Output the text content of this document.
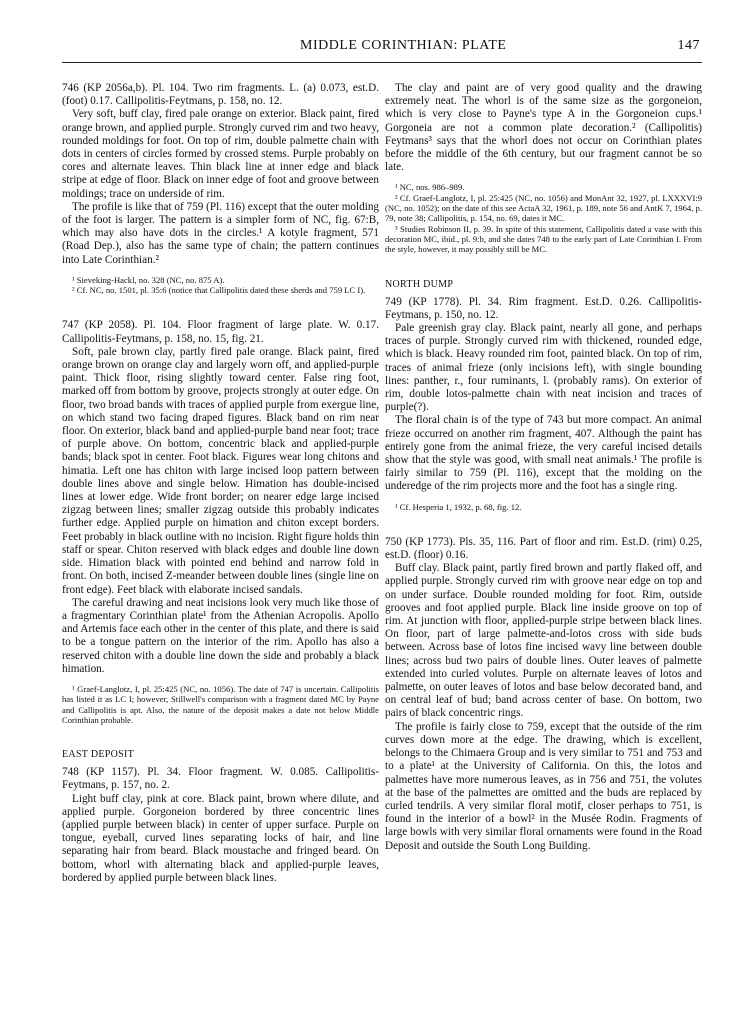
MIDDLE CORINTHIAN: PLATE	147

746 (KP 2056a,b). Pl. 104. Two rim fragments. L. (a) 0.073, est.D. (foot) 0.17. Callipolitis-Feytmans, p. 158, no. 12.

Very soft, buff clay, fired pale orange on exterior. Black paint, fired orange brown, and applied purple. Strongly curved rim and two heavy, rounded moldings for foot. On top of rim, double palmette chain with dots in centers of circles formed by crossed stems. Purple probably on cores and alternate leaves. Thin black line at inner edge and black stripe at edge of floor. Black on inner edge of foot and groove between moldings; trace on underside of rim.

The profile is like that of 759 (Pl. 116) except that the outer molding of the foot is larger. The pattern is a simpler form of NC, fig. 67:B, which may also have dots in the circles.¹ A kotyle fragment, 571 (Road Dep.), also has the same type of chain; the pattern continues into Late Corinthian.²

¹ Sieveking-Hackl, no. 328 (NC, no. 875 A).

² Cf. NC, no. 1501, pl. 35:6 (notice that Callipolitis dated these sherds and 759 LC I).

747 (KP 2058). Pl. 104. Floor fragment of large plate. W. 0.17. Callipolitis-Feytmans, p. 158, no. 15, fig. 21.

Soft, pale brown clay, partly fired pale orange. Black paint, fired orange brown on orange clay and largely worn off, and applied-purple paint. Thick floor, rising slightly toward center. False ring foot, marked off from bottom by groove, projects strongly at outer edge. On floor, two broad bands with traces of applied purple from exergue line, on which stand two facing draped figures. Black band on rim near floor. On exterior, black band and applied-purple band near foot; trace of purple above. On bottom, concentric black and applied-purple bands; black spot in center. Foot black. Figures wear long chitons and himatia. Left one has chiton with large incised loop pattern between double lines above and single below. Himation has double-incised lines at lower edge. Wide front border; on nearer edge large incised zigzag between lines; smaller zigzag outside this probably indicates further edge. Applied purple on himation and chiton except borders. Feet probably in black outline with no incision. Right figure holds thin staff or spear. Chiton reserved with black edges and double line down side. Himation black with pointed end behind and narrow fold in front. On both, incised Z-meander between double lines (single line on front edge). Feet black with elaborate incised sandals.

The careful drawing and neat incisions look very much like those of a fragmentary Corinthian plate¹ from the Athenian Acropolis. Apollo and Artemis face each other in the center of this plate, and there is said to be a tongue pattern on the interior of the rim. Apollo has also a reserved chiton with a double line down the side and probably a black himation.

¹ Graef-Langlotz, I, pl. 25:425 (NC, no. 1056). The date of 747 is uncertain. Callipolitis has listed it as LC I; however, Stillwell's comparison with a fragment dated MC by Payne and Callipolitis is apt. Also, the nature of the deposit makes a date not below Middle Corinthian probable.

EAST DEPOSIT

748 (KP 1157). Pl. 34. Floor fragment. W. 0.085. Callipolitis-Feytmans, p. 157, no. 2.

Light buff clay, pink at core. Black paint, brown where dilute, and applied purple. Gorgoneion bordered by three concentric lines (applied purple between black) in center of upper surface. Purple on tongue, eyeball, curved lines separating locks of hair, and line separating hair from beard. Black moustache and fringed beard. On bottom, whorl with alternating black and applied-purple leaves, bordered by applied purple between black lines.

The clay and paint are of very good quality and the drawing extremely neat. The whorl is of the same size as the gorgoneion, which is very close to Payne's type A in the Gorgoneion cups.¹ Gorgoneia are not a common plate decoration.² (Callipolitis) Feytmans³ says that the whorl does not occur on Corinthian plates before the middle of the 6th century, but our fragment cannot be so late.

¹ NC, nos. 986–989.

² Cf. Graef-Langlotz, I, pl. 25:425 (NC, no. 1056) and MonAnt 32, 1927, pl. LXXXVI:9 (NC, no. 1052); on the date of this see ActaA 32, 1961, p. 189, note 56 and AntK 7, 1964, p. 79, note 38; Callipolitis, p. 154, no. 69, dates it MC.

³ Studies Robinson II, p. 39. In spite of this statement, Callipolitis dated a vase with this decoration MC, ibid., pl. 9:b, and she dates 748 to the early part of Late Corinthian I. From the style, however, it may possibly still be MC.

NORTH DUMP

749 (KP 1778). Pl. 34. Rim fragment. Est.D. 0.26. Callipolitis-Feytmans, p. 150, no. 12.

Pale greenish gray clay. Black paint, nearly all gone, and perhaps traces of purple. Strongly curved rim with thickened, rounded edge, which is black. Heavy rounded rim foot, painted black. On top of rim, traces of animal frieze (only incisions left), with single bounding lines: panther, r., four ruminants, l. (probably rams). On exterior of rim, double lotos-palmette chain with neat incision and traces of purple(?).

The floral chain is of the type of 743 but more compact. An animal frieze occurred on another rim fragment, 407. Although the paint has entirely gone from the animal frieze, the very careful incised details show that the style was good, with small neat animals.¹ The profile is fairly similar to 759 (Pl. 116), except that the molding on the underedge of the rim projects more and the foot has a single ring.

¹ Cf. Hesperia 1, 1932, p. 68, fig. 12.

750 (KP 1773). Pls. 35, 116. Part of floor and rim. Est.D. (rim) 0.25, est.D. (floor) 0.16.

Buff clay. Black paint, partly fired brown and partly flaked off, and applied purple. Strongly curved rim with groove near edge on top and on under surface. Double rounded molding for foot. Rim, outside grooves and foot applied purple. Black line inside groove on top of rim. At junction with floor, applied-purple stripe between black lines. On floor, part of large palmette-and-lotos cross with side buds between. Across base of lotos fine incised wavy line between double lines; across bud two pairs of double lines. Outer leaves of palmette extended into curled volutes. Purple on alternate leaves of lotos and palmette, on outer leaves of lotos and base below decorated band, and on central leaf of bud; band across center of base. On bottom, two pairs of black concentric rings.

The profile is fairly close to 759, except that the outside of the rim curves down more at the edge. The drawing, which is excellent, belongs to the Chimaera Group and is very similar to 751 and 753 and to a plate¹ at the University of California. On this, the lotos and palmettes have more numerous leaves, as in 756 and 751, the volutes at the base of the palmettes are omitted and the buds are replaced by curled tendrils. A very similar floral motif, closer perhaps to 751, is found in the interior of a bowl² in the Musée Rodin. Fragments of large bowls with very similar floral ornaments were found in the Road Deposit and outside the South Long Building.
